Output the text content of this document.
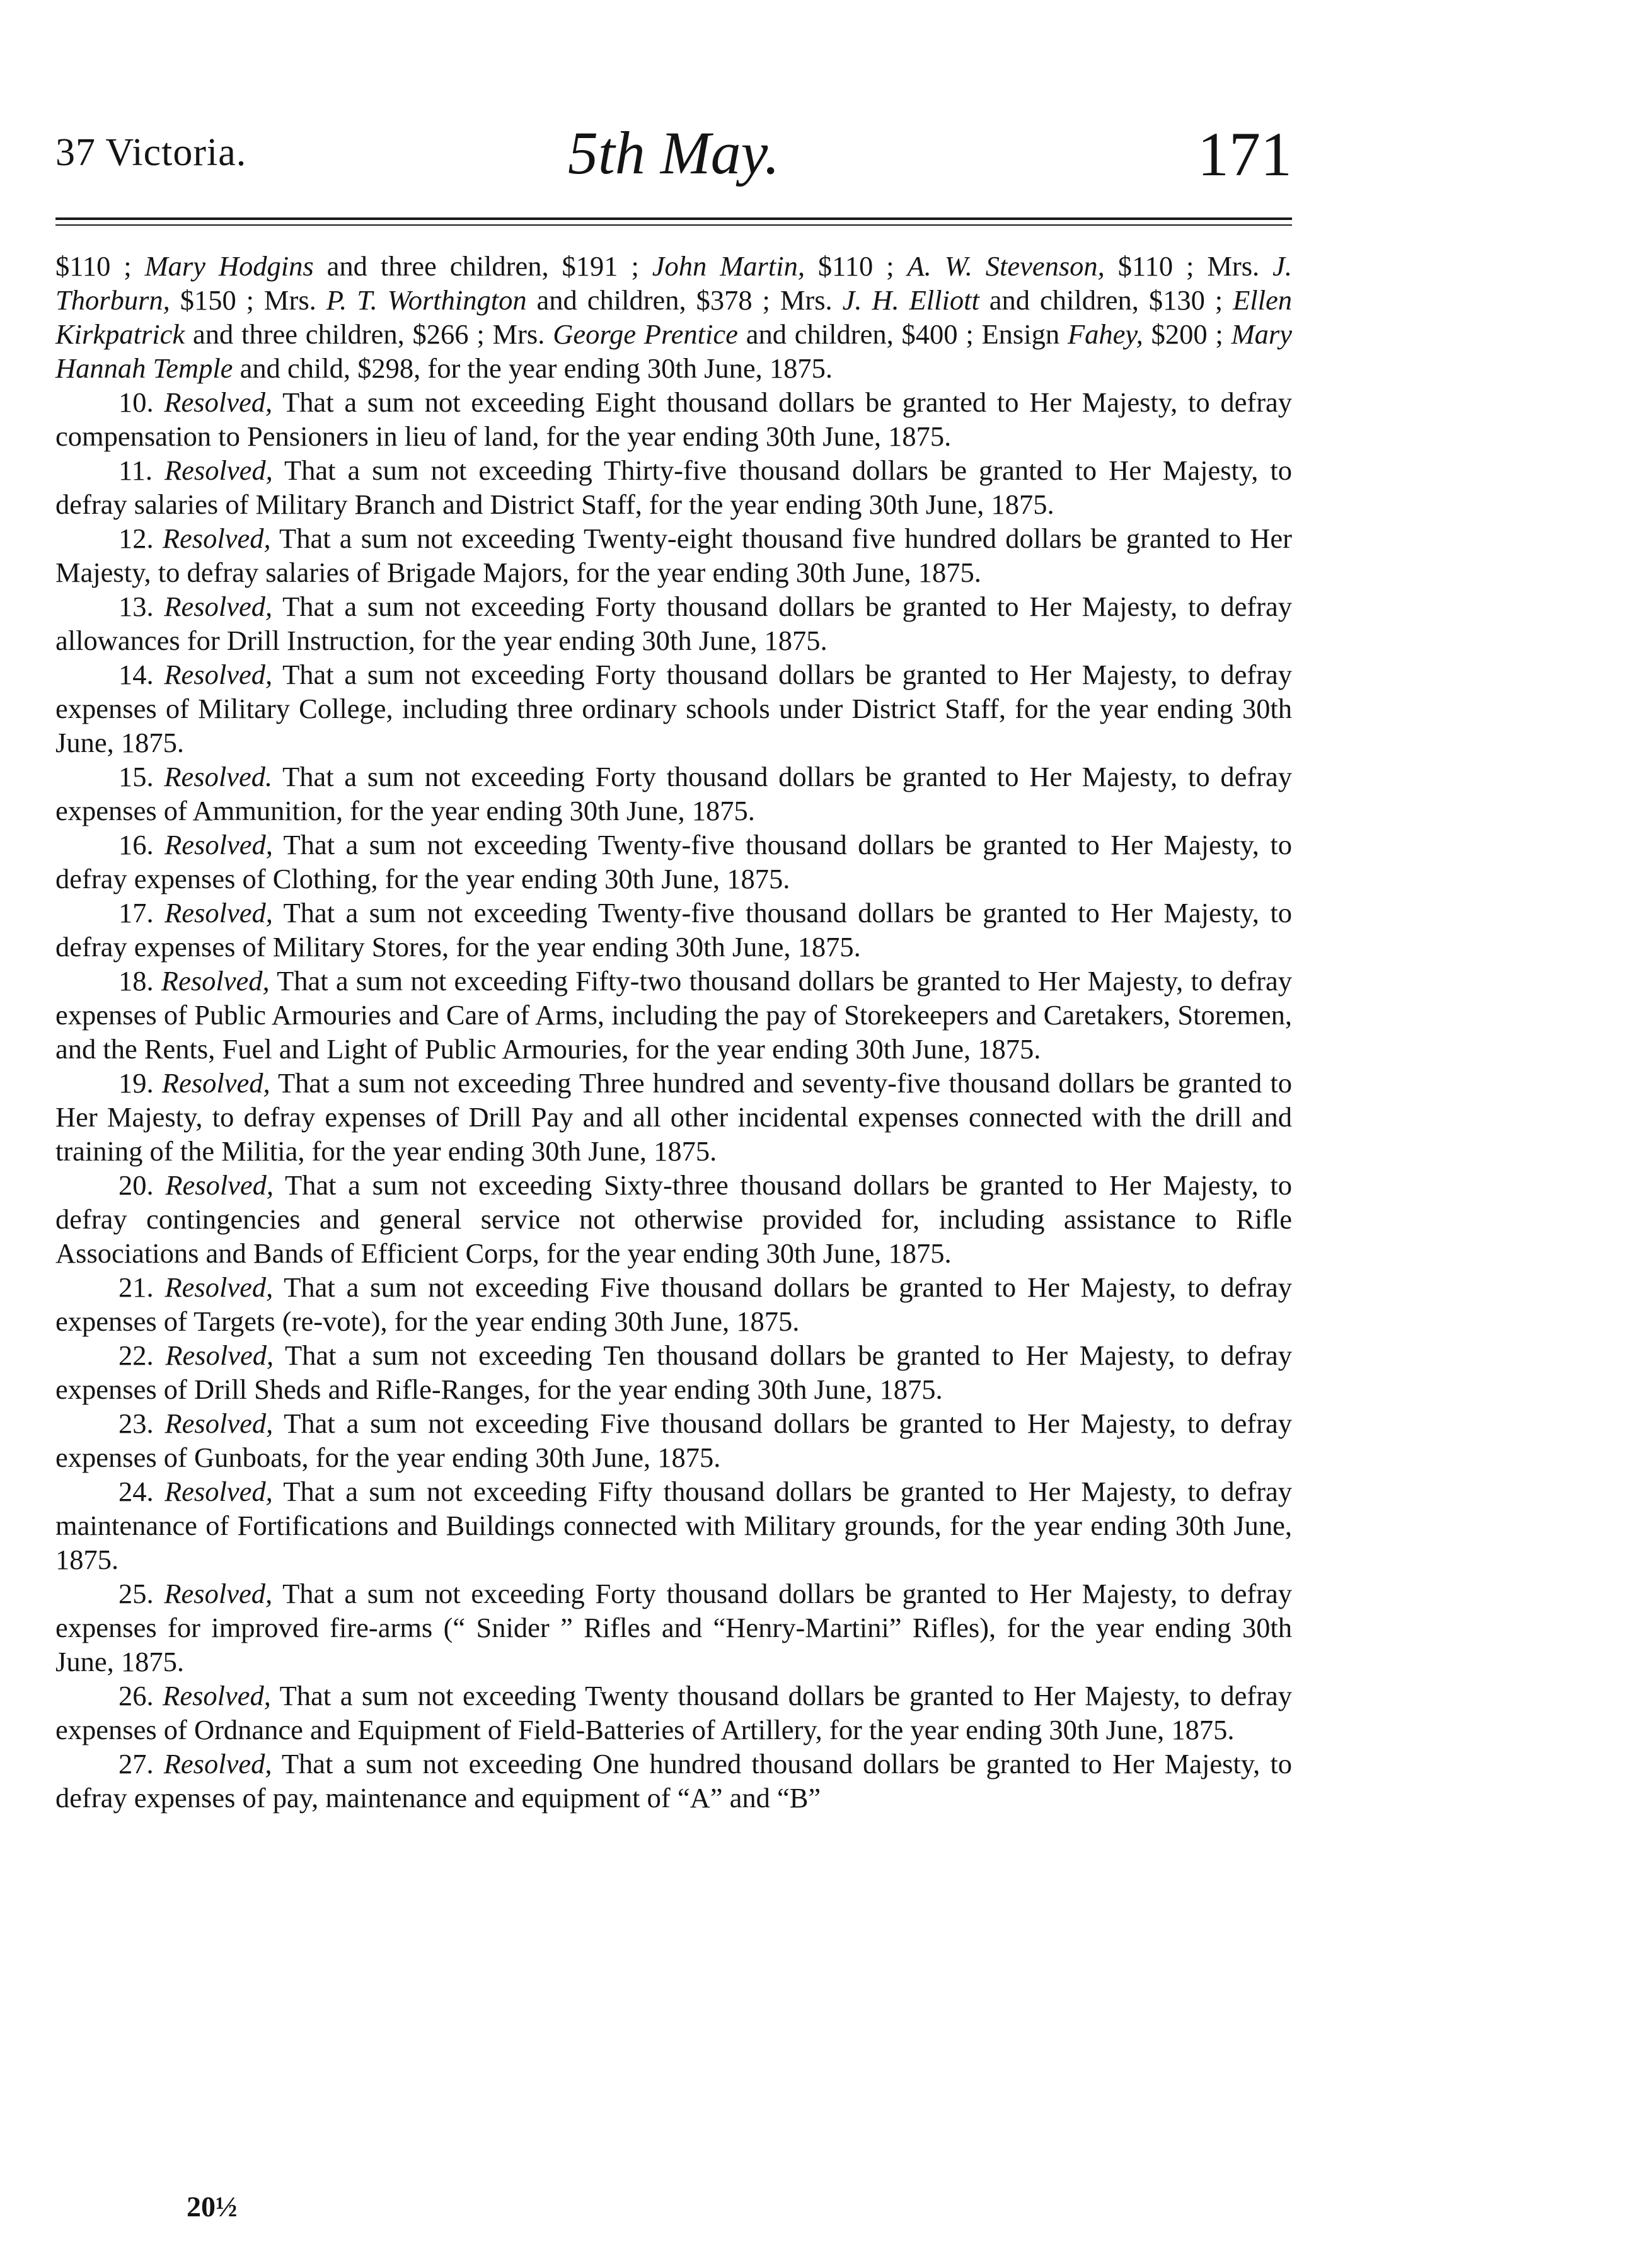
37 Victoria.	5th May.	171

$110 ; Mary Hodgins and three children, $191 ; John Martin, $110 ; A. W. Stevenson, $110 ; Mrs. J. Thorburn, $150 ; Mrs. P. T. Worthington and children, $378 ; Mrs. J. H. Elliott and children, $130 ; Ellen Kirkpatrick and three children, $266 ; Mrs. George Prentice and children, $400 ; Ensign Fahey, $200 ; Mary Hannah Temple and child, $298, for the year ending 30th June, 1875.

10. Resolved, That a sum not exceeding Eight thousand dollars be granted to Her Majesty, to defray compensation to Pensioners in lieu of land, for the year ending 30th June, 1875.

11. Resolved, That a sum not exceeding Thirty-five thousand dollars be granted to Her Majesty, to defray salaries of Military Branch and District Staff, for the year ending 30th June, 1875.

12. Resolved, That a sum not exceeding Twenty-eight thousand five hundred dollars be granted to Her Majesty, to defray salaries of Brigade Majors, for the year ending 30th June, 1875.

13. Resolved, That a sum not exceeding Forty thousand dollars be granted to Her Majesty, to defray allowances for Drill Instruction, for the year ending 30th June, 1875.

14. Resolved, That a sum not exceeding Forty thousand dollars be granted to Her Majesty, to defray expenses of Military College, including three ordinary schools under District Staff, for the year ending 30th June, 1875.

15. Resolved. That a sum not exceeding Forty thousand dollars be granted to Her Majesty, to defray expenses of Ammunition, for the year ending 30th June, 1875.

16. Resolved, That a sum not exceeding Twenty-five thousand dollars be granted to Her Majesty, to defray expenses of Clothing, for the year ending 30th June, 1875.

17. Resolved, That a sum not exceeding Twenty-five thousand dollars be granted to Her Majesty, to defray expenses of Military Stores, for the year ending 30th June, 1875.

18. Resolved, That a sum not exceeding Fifty-two thousand dollars be granted to Her Majesty, to defray expenses of Public Armouries and Care of Arms, including the pay of Storekeepers and Caretakers, Storemen, and the Rents, Fuel and Light of Public Armouries, for the year ending 30th June, 1875.

19. Resolved, That a sum not exceeding Three hundred and seventy-five thousand dollars be granted to Her Majesty, to defray expenses of Drill Pay and all other incidental expenses connected with the drill and training of the Militia, for the year ending 30th June, 1875.

20. Resolved, That a sum not exceeding Sixty-three thousand dollars be granted to Her Majesty, to defray contingencies and general service not otherwise provided for, including assistance to Rifle Associations and Bands of Efficient Corps, for the year ending 30th June, 1875.

21. Resolved, That a sum not exceeding Five thousand dollars be granted to Her Majesty, to defray expenses of Targets (re-vote), for the year ending 30th June, 1875.

22. Resolved, That a sum not exceeding Ten thousand dollars be granted to Her Majesty, to defray expenses of Drill Sheds and Rifle-Ranges, for the year ending 30th June, 1875.

23. Resolved, That a sum not exceeding Five thousand dollars be granted to Her Majesty, to defray expenses of Gunboats, for the year ending 30th June, 1875.

24. Resolved, That a sum not exceeding Fifty thousand dollars be granted to Her Majesty, to defray maintenance of Fortifications and Buildings connected with Military grounds, for the year ending 30th June, 1875.

25. Resolved, That a sum not exceeding Forty thousand dollars be granted to Her Majesty, to defray expenses for improved fire-arms (“ Snider ” Rifles and “Henry-Martini” Rifles), for the year ending 30th June, 1875.

26. Resolved, That a sum not exceeding Twenty thousand dollars be granted to Her Majesty, to defray expenses of Ordnance and Equipment of Field-Batteries of Artillery, for the year ending 30th June, 1875.

27. Resolved, That a sum not exceeding One hundred thousand dollars be granted to Her Majesty, to defray expenses of pay, maintenance and equipment of “A” and “B”

20½
